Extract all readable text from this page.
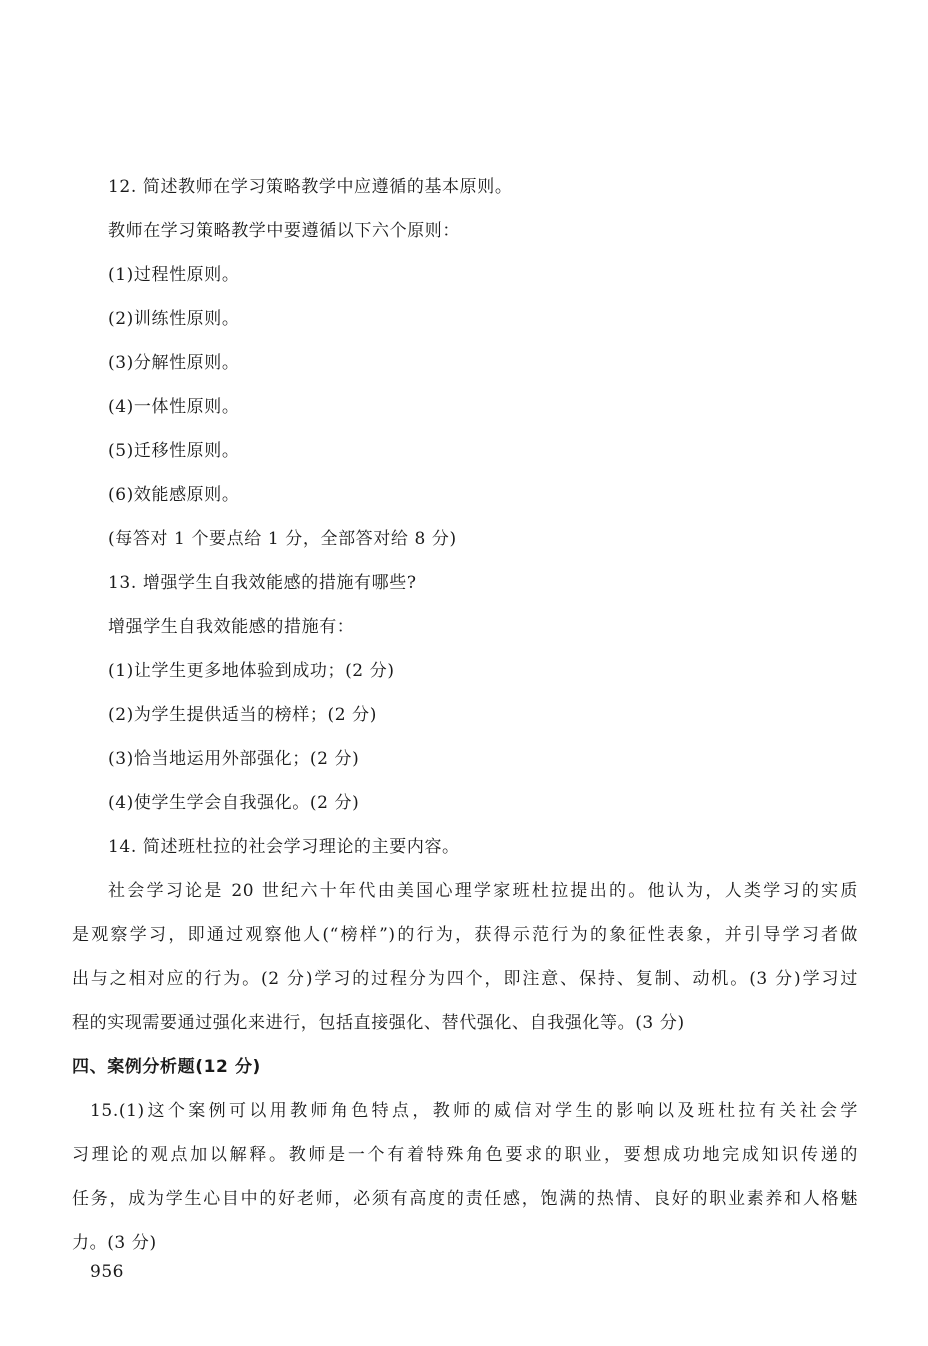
12. 简述教师在学习策略教学中应遵循的基本原则。
教师在学习策略教学中要遵循以下六个原则：
(1)过程性原则。
(2)训练性原则。
(3)分解性原则。
(4)一体性原则。
(5)迁移性原则。
(6)效能感原则。
(每答对 1 个要点给 1 分，全部答对给 8 分)
13. 增强学生自我效能感的措施有哪些?
增强学生自我效能感的措施有：
(1)让学生更多地体验到成功；(2 分)
(2)为学生提供适当的榜样；(2 分)
(3)恰当地运用外部强化；(2 分)
(4)使学生学会自我强化。(2 分)
14. 简述班杜拉的社会学习理论的主要内容。
社会学习论是 20 世纪六十年代由美国心理学家班杜拉提出的。他认为，人类学习的实质
是观察学习，即通过观察他人(“榜样”)的行为，获得示范行为的象征性表象，并引导学习者做
出与之相对应的行为。(2 分)学习的过程分为四个，即注意、保持、复制、动机。(3 分)学习过
程的实现需要通过强化来进行，包括直接强化、替代强化、自我强化等。(3 分)
四、案例分析题(12 分)
15.(1)这个案例可以用教师角色特点，教师的威信对学生的影响以及班杜拉有关社会学
习理论的观点加以解释。教师是一个有着特殊角色要求的职业，要想成功地完成知识传递的
任务，成为学生心目中的好老师，必须有高度的责任感，饱满的热情、良好的职业素养和人格魅
力。(3 分)
956
